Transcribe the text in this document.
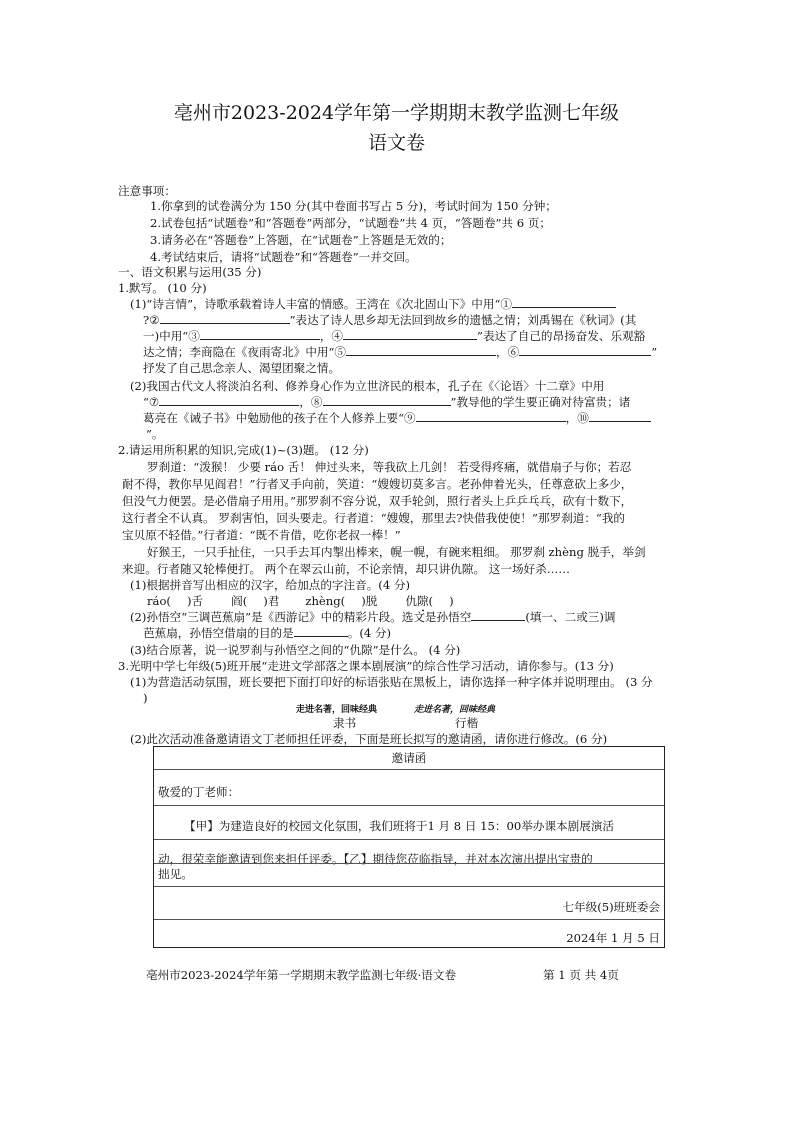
亳州市2023-2024学年第一学期期末教学监测七年级
语文卷
注意事项：
1.你拿到的试卷满分为 150 分(其中卷面书写占 5 分)，考试时间为 150 分钟；
2.试卷包括“试题卷”和“答题卷”两部分，“试题卷”共 4 页，“答题卷”共 6 页；
3.请务必在“答题卷”上答题，在“试题卷”上答题是无效的；
4.考试结束后，请将“试题卷”和“答题卷”一并交回。
一、语文积累与运用(35 分)
1.默写。 (10 分)
(1)“诗言情”，诗歌承载着诗人丰富的情感。王湾在《次北固山下》中用“①
?②	”表达了诗人思乡却无法回到故乡的遗憾之情；刘禹锡在《秋词》(其
一)中用“③	，④	”表达了自己的昂扬奋发、乐观豁
达之情；李商隐在《夜雨寄北》中用“⑤	，⑥	”
抒发了自己思念亲人、渴望团聚之情。
(2)我国古代文人将淡泊名利、修养身心作为立世济民的根本，孔子在《〈论语〉十二章》中用
“⑦	，⑧	”教导他的学生要正确对待富贵；诸
葛亮在《诫子书》中勉励他的孩子在个人修养上要“⑨	，⑩
”。
2.请运用所积累的知识,完成(1)~(3)题。 (12 分)
罗刹道：“泼猴！ 少要 ráo 舌！ 伸过头来，等我砍上几剑！ 若受得疼痛，就借扇子与你；若忍
耐不得，教你早见阎君！”行者叉手向前，笑道：“嫂嫂切莫多言。老孙伸着光头，任尊意砍上多少，
但没气力便罢。是必借扇子用用。”那罗刹不容分说，双手轮剑，照行者头上乒乒乓乓，砍有十数下，
这行者全不认真。 罗刹害怕，回头要走。行者道：“嫂嫂，那里去?快借我使使！”那罗刹道：“我的
宝贝原不轻借。”行者道：“既不肯借，吃你老叔一棒！”
好猴王，一只手扯住，一只手去耳内掣出棒来，幌一幌，有碗来粗细。 那罗刹 zhèng 脱手，举剑
来迎。行者随又轮棒便打。 两个在翠云山前，不论亲情，却只讲仇隙。 这一场好杀……
(1)根据拼音写出相应的汉字，给加点的字注音。(4 分)
ráo( )舌 阎( )君 zhèng( )脱 仇隙( )
(2)孙悟空“三调芭蕉扇”是《西游记》中的精彩片段。选文是孙悟空	(填一、二或三)调
芭蕉扇，孙悟空借扇的目的是	。(4 分)
(3)结合原著，说一说罗刹与孙悟空之间的“仇隙”是什么。 (4 分)
3.光明中学七年级(5)班开展“走进文学部落之课本剧展演”的综合性学习活动，请你参与。(13 分)
(1)为营造活动氛围，班长要把下面打印好的标语张贴在黑板上，请你选择一种字体并说明理由。 (3 分
)
走进名著，回味经典	走进名著，回味经典
隶书	行楷
(2)此次活动准备邀请语文丁老师担任评委，下面是班长拟写的邀请函，请你进行修改。(6 分)
邀请函
敬爱的丁老师：
【甲】为建造良好的校园文化氛围，我们班将于1 月 8 日 15：00举办课本剧展演活
动，很荣幸能邀请到您来担任评委。【乙】期待您莅临指导，并对本次演出提出宝贵的
拙见。
七年级(5)班班委会
2024年 1 月 5 日
亳州市2023-2024学年第一学期期末教学监测七年级·语文卷	第 1 页 共 4页
